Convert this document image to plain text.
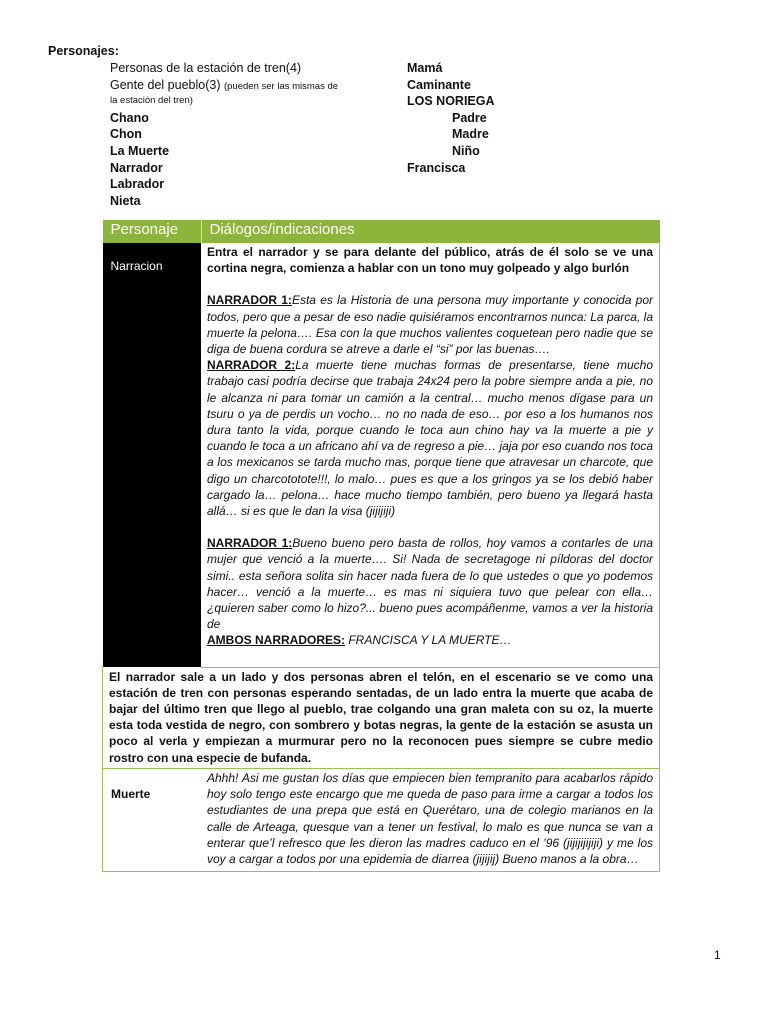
Personajes:
Personas de la estación de tren(4)
Gente del pueblo(3) (pueden ser las mismas de
la estación del tren)
Chano
Chon
La Muerte
Narrador
Labrador
Nieta
Mamá
Caminante
LOS NORIEGA
Padre
Madre
Niño
Francisca
Personaje	Diálogos/indicaciones
Narracion	Entra el narrador y se para delante del público, atrás de él solo se ve una cortina negra, comienza a hablar con un tono muy golpeado y algo burlón

NARRADOR 1:Esta es la Historia de una persona muy importante y conocida por todos, pero que a pesar de eso nadie quisiéramos encontrarnos nunca: La parca, la muerte la pelona…. Esa con la que muchos valientes coquetean pero nadie que se diga de buena cordura se atreve a darle el “si” por las buenas….

NARRADOR 2:La muerte tiene muchas formas de presentarse, tiene mucho trabajo casi podría decirse que trabaja 24x24 pero la pobre siempre anda a pie, no le alcanza ni para tomar un camión a la central… mucho menos dígase para un tsuru o ya de perdis un vocho… no no nada de eso… por eso a los humanos nos dura tanto la vida, porque cuando le toca aun chino hay va la muerte a pie y cuando le toca a un africano ahí va de regreso a pie… jaja por eso cuando nos toca a los mexicanos se tarda mucho mas, porque tiene que atravesar un charcote, que digo un charcototote!!!, lo malo… pues es que a los gringos ya se los debió haber cargado la… pelona… hace mucho tiempo también, pero bueno ya llegará hasta allá… si es que le dan la visa (jijijiji)

NARRADOR 1:Bueno bueno pero basta de rollos, hoy vamos a contarles de una mujer que venció a la muerte…. Si! Nada de secretagoge ni píldoras del doctor simi.. esta señora solita sin hacer nada fuera de lo que ustedes o que yo podemos hacer… venció a la muerte… es mas ni siquiera tuvo que pelear con ella… ¿quieren saber como lo hizo?... bueno pues acompáñenme, vamos a ver la historia de

AMBOS NARRADORES: FRANCISCA Y LA MUERTE…

El narrador sale a un lado y dos personas abren el telón, en el escenario se ve como una estación de tren con personas esperando sentadas, de un lado entra la muerte que acaba de bajar del último tren que llego al pueblo, trae colgando una gran maleta con su oz, la muerte esta toda vestida de negro, con sombrero y botas negras, la gente de la estación se asusta un poco al verla y empiezan a murmurar pero no la reconocen pues siempre se cubre medio rostro con una especie de bufanda.	
Muerte	Ahhh! Asi me gustan los días que empiecen bien tempranito para acabarlos rápido hoy solo tengo este encargo que me queda de paso para irme a cargar a todos los estudiantes de una prepa que está en Querétaro, una de colegio marianos en la calle de Arteaga, quesque van a tener un festival, lo malo es que nunca se van a enterar que’l refresco que les dieron las madres caduco en el ’96 (jijijijijiji) y me los voy a cargar a todos por una epidemia de diarrea (jijijij) Bueno manos a la obra…
1
